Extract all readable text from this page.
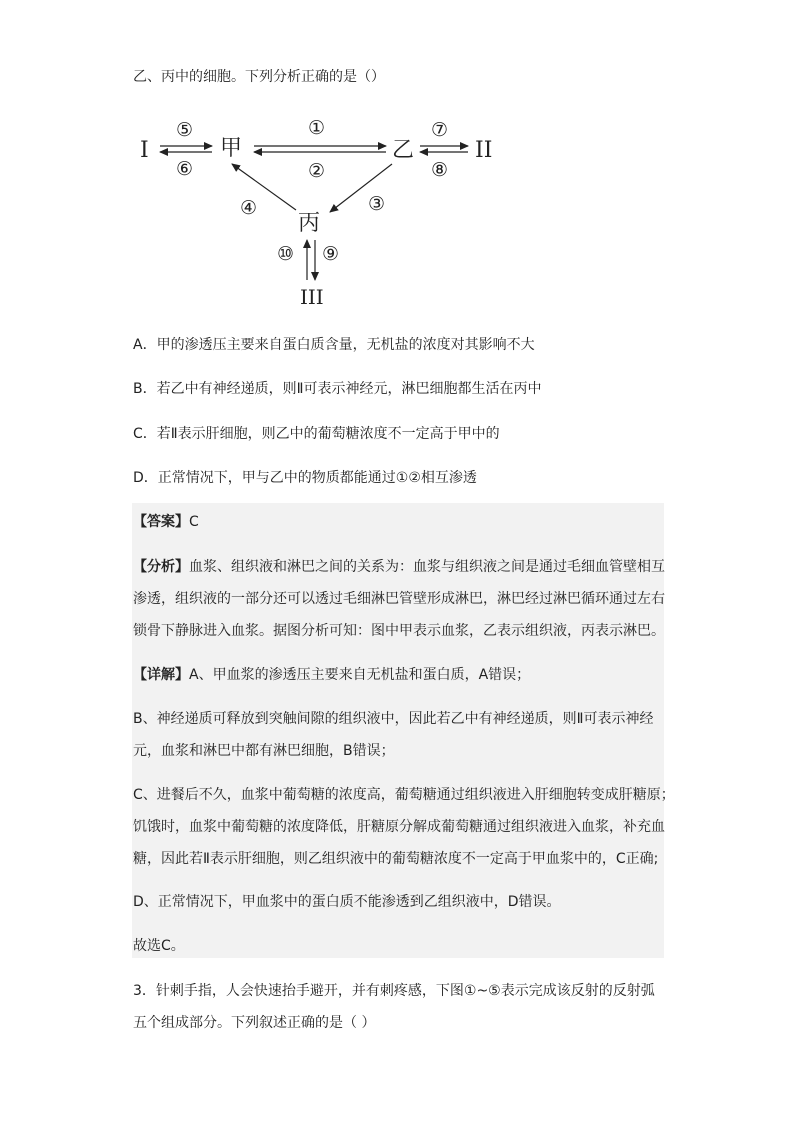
乙、丙中的细胞。下列分析正确的是（）

I	甲	乙	II
丙
III
⑤
⑥
①
②
⑦
⑧
③
④
⑩ ⑨

A．甲的渗透压主要来自蛋白质含量，无机盐的浓度对其影响不大

B．若乙中有神经递质，则Ⅱ可表示神经元，淋巴细胞都生活在丙中

C．若Ⅱ表示肝细胞，则乙中的葡萄糖浓度不一定高于甲中的

D．正常情况下，甲与乙中的物质都能通过①②相互渗透

【答案】C

【分析】血浆、组织液和淋巴之间的关系为：血浆与组织液之间是通过毛细血管壁相互

渗透，组织液的一部分还可以透过毛细淋巴管壁形成淋巴，淋巴经过淋巴循环通过左右

锁骨下静脉进入血浆。据图分析可知：图中甲表示血浆，乙表示组织液，丙表示淋巴。

【详解】A、甲血浆的渗透压主要来自无机盐和蛋白质，A错误；

B、神经递质可释放到突触间隙的组织液中，因此若乙中有神经递质，则Ⅱ可表示神经

元，血浆和淋巴中都有淋巴细胞，B错误；

C、进餐后不久，血浆中葡萄糖的浓度高，葡萄糖通过组织液进入肝细胞转变成肝糖原；

饥饿时，血浆中葡萄糖的浓度降低，肝糖原分解成葡萄糖通过组织液进入血浆，补充血

糖，因此若Ⅱ表示肝细胞，则乙组织液中的葡萄糖浓度不一定高于甲血浆中的，C正确;

D、正常情况下，甲血浆中的蛋白质不能渗透到乙组织液中，D错误。

故选C。

3．针刺手指，人会快速抬手避开，并有刺疼感，下图①~⑤表示完成该反射的反射弧

五个组成部分。下列叙述正确的是（ ）
